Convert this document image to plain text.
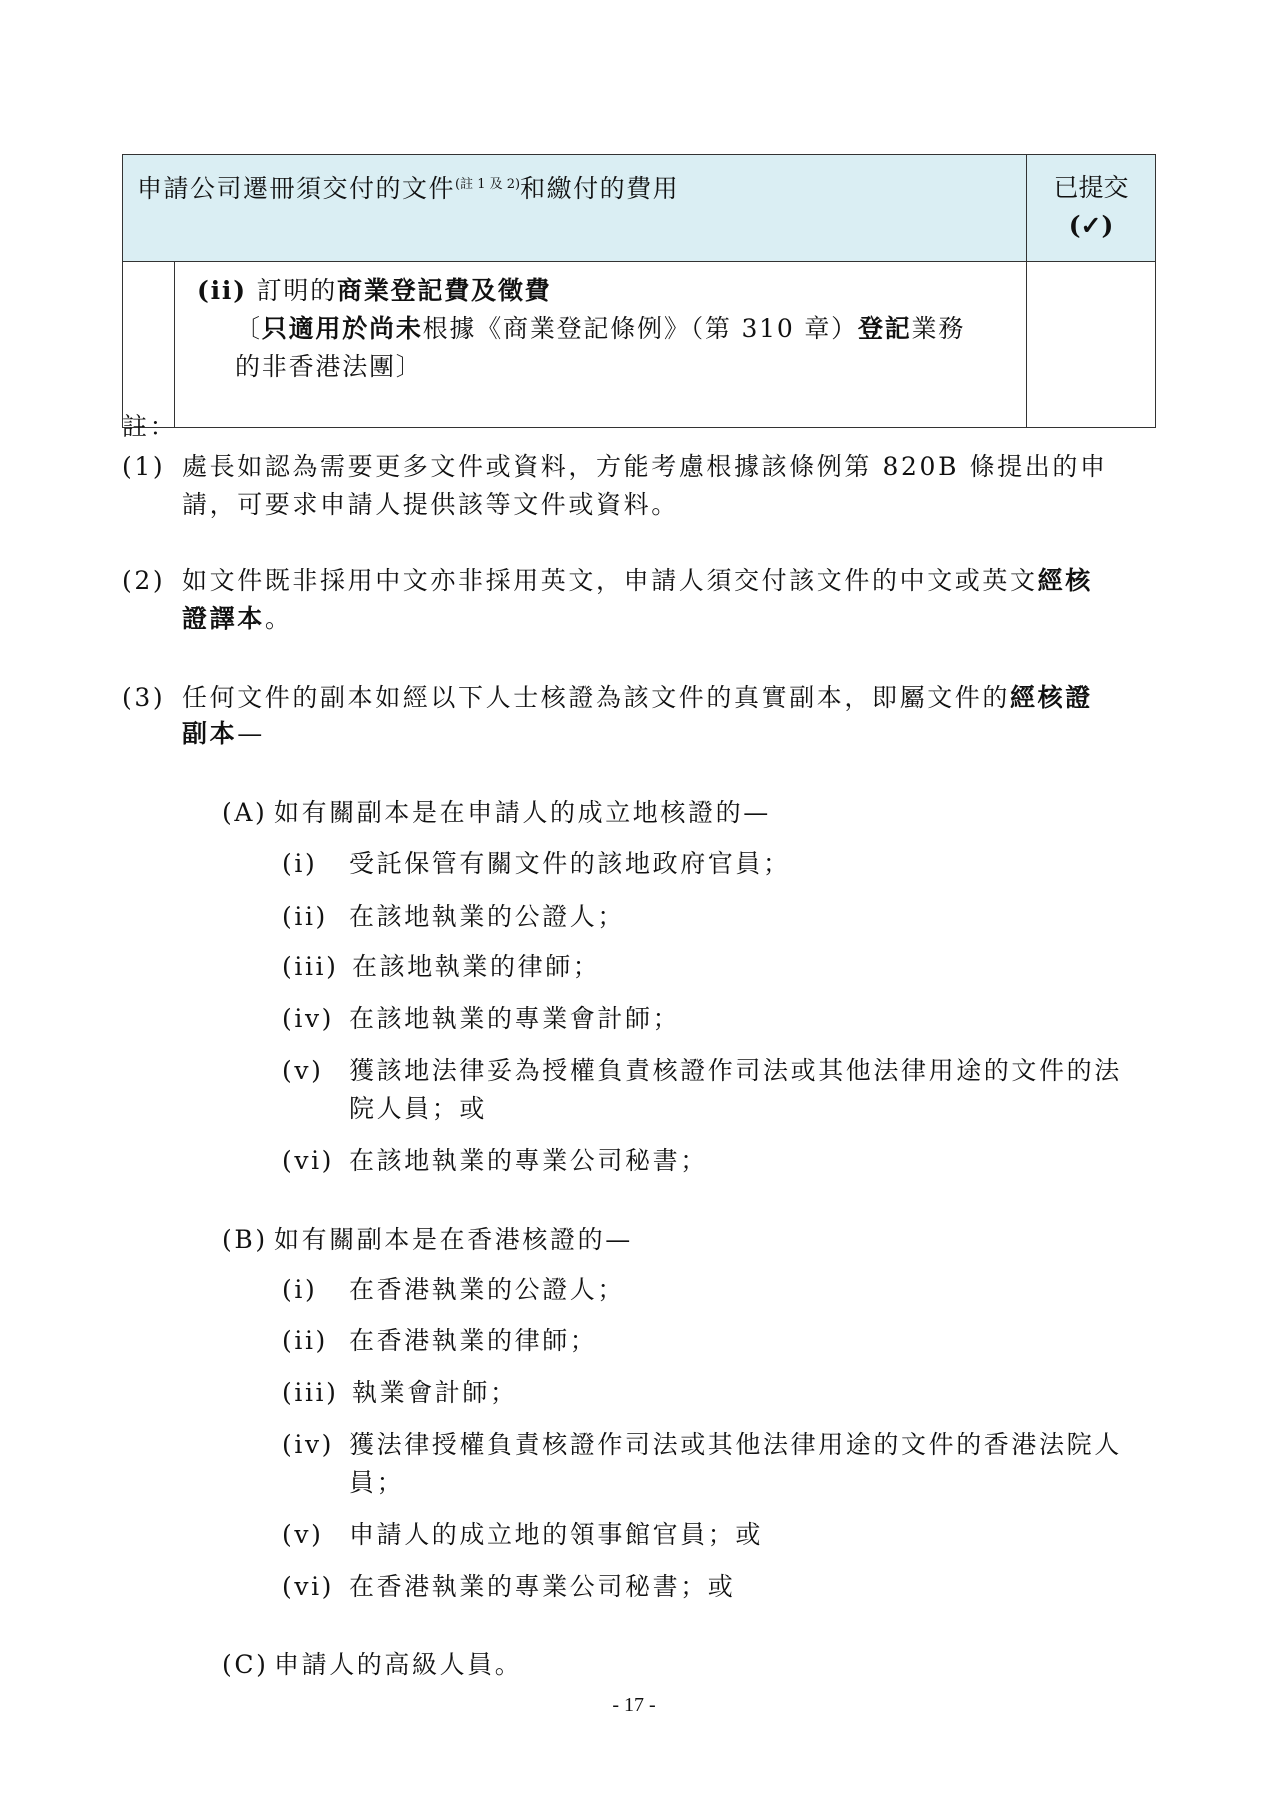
申請公司遷冊須交付的文件$^{(註 1 及 2)}$和繳付的費用		已提交
(✓)

	(ii) 訂明的商業登記費及徵費
〔只適用於尚未根據《商業登記條例》（第 310 章）登記業務
的非香港法團〕	

註：
(1) 處長如認為需要更多文件或資料，方能考慮根據該條例第 820B 條提出的申
請，可要求申請人提供該等文件或資料。
(2) 如文件既非採用中文亦非採用英文，申請人須交付該文件的中文或英文經核
證譯本。
(3) 任何文件的副本如經以下人士核證為該文件的真實副本，即屬文件的經核證
副本—
(A) 如有關副本是在申請人的成立地核證的—
(i) 受託保管有關文件的該地政府官員；
(ii) 在該地執業的公證人；
(iii) 在該地執業的律師；
(iv) 在該地執業的專業會計師；
(v) 獲該地法律妥為授權負責核證作司法或其他法律用途的文件的法
院人員；或
(vi) 在該地執業的專業公司秘書；
(B) 如有關副本是在香港核證的—
(i) 在香港執業的公證人；
(ii) 在香港執業的律師；
(iii) 執業會計師；
(iv) 獲法律授權負責核證作司法或其他法律用途的文件的香港法院人
員；
(v) 申請人的成立地的領事館官員；或
(vi) 在香港執業的專業公司秘書；或
(C) 申請人的高級人員。
- 17 -
